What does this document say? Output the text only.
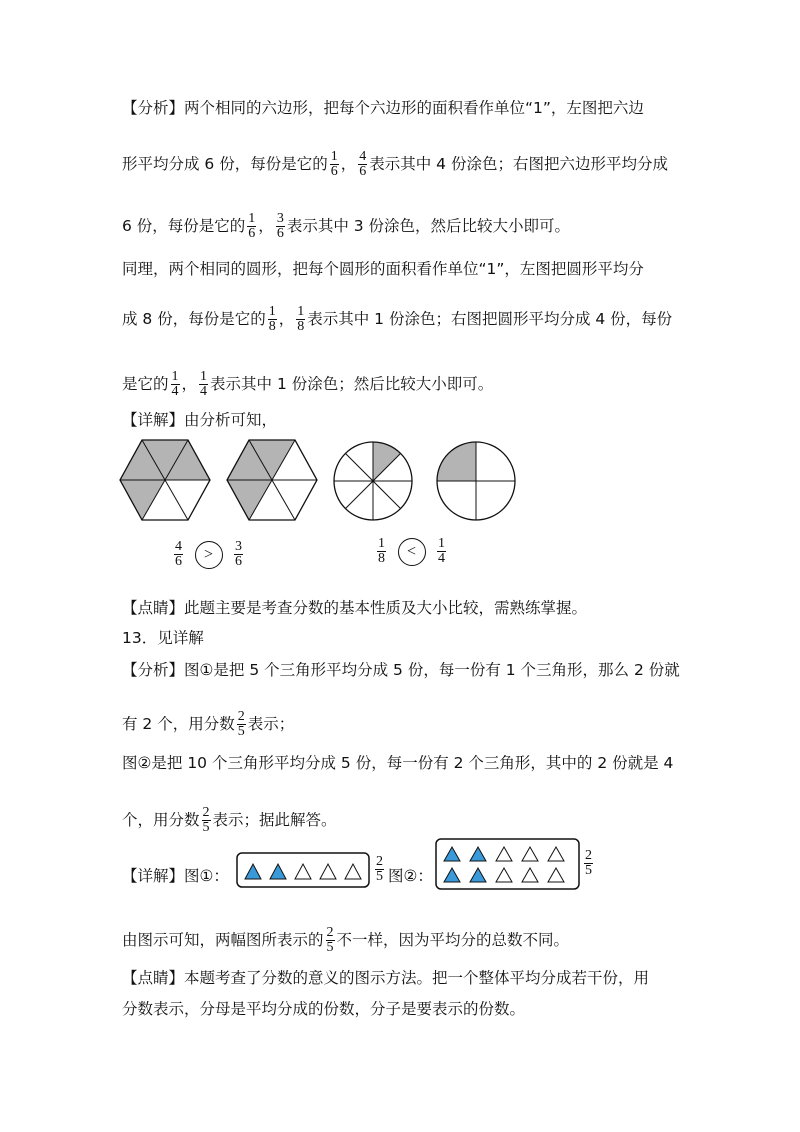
【分析】两个相同的六边形，把每个六边形的面积看作单位“1”，左图把六边
形平均分成 6 份，每份是它的 $\frac{1}{6}$ ， $\frac{4}{6}$ 表示其中 4 份涂色；右图把六边形平均分成
6 份，每份是它的 $\frac{1}{6}$ ， $\frac{3}{6}$ 表示其中 3 份涂色，然后比较大小即可。
同理，两个相同的圆形，把每个圆形的面积看作单位“1”，左图把圆形平均分
成 8 份，每份是它的 $\frac{1}{8}$ ， $\frac{1}{8}$ 表示其中 1 份涂色；右图把圆形平均分成 4 份，每份
是它的 $\frac{1}{4}$ ， $\frac{1}{4}$ 表示其中 1 份涂色；然后比较大小即可。
【详解】由分析可知，
$\frac{4}{6} > \frac{3}{6}$	$\frac{1}{8} < \frac{1}{4}$
【点睛】此题主要是考查分数的基本性质及大小比较，需熟练掌握。
13．见详解
【分析】图①是把 5 个三角形平均分成 5 份，每一份有 1 个三角形，那么 2 份就
有 2 个，用分数 $\frac{2}{5}$ 表示；
图②是把 10 个三角形平均分成 5 份，每一份有 2 个三角形，其中的 2 份就是 4
个，用分数 $\frac{2}{5}$ 表示；据此解答。
【详解】图①：	$\frac{2}{5}$ 图②：	$\frac{2}{5}$
由图示可知，两幅图所表示的 $\frac{2}{5}$ 不一样，因为平均分的总数不同。
【点睛】本题考查了分数的意义的图示方法。把一个整体平均分成若干份，用
分数表示，分母是平均分成的份数，分子是要表示的份数。
